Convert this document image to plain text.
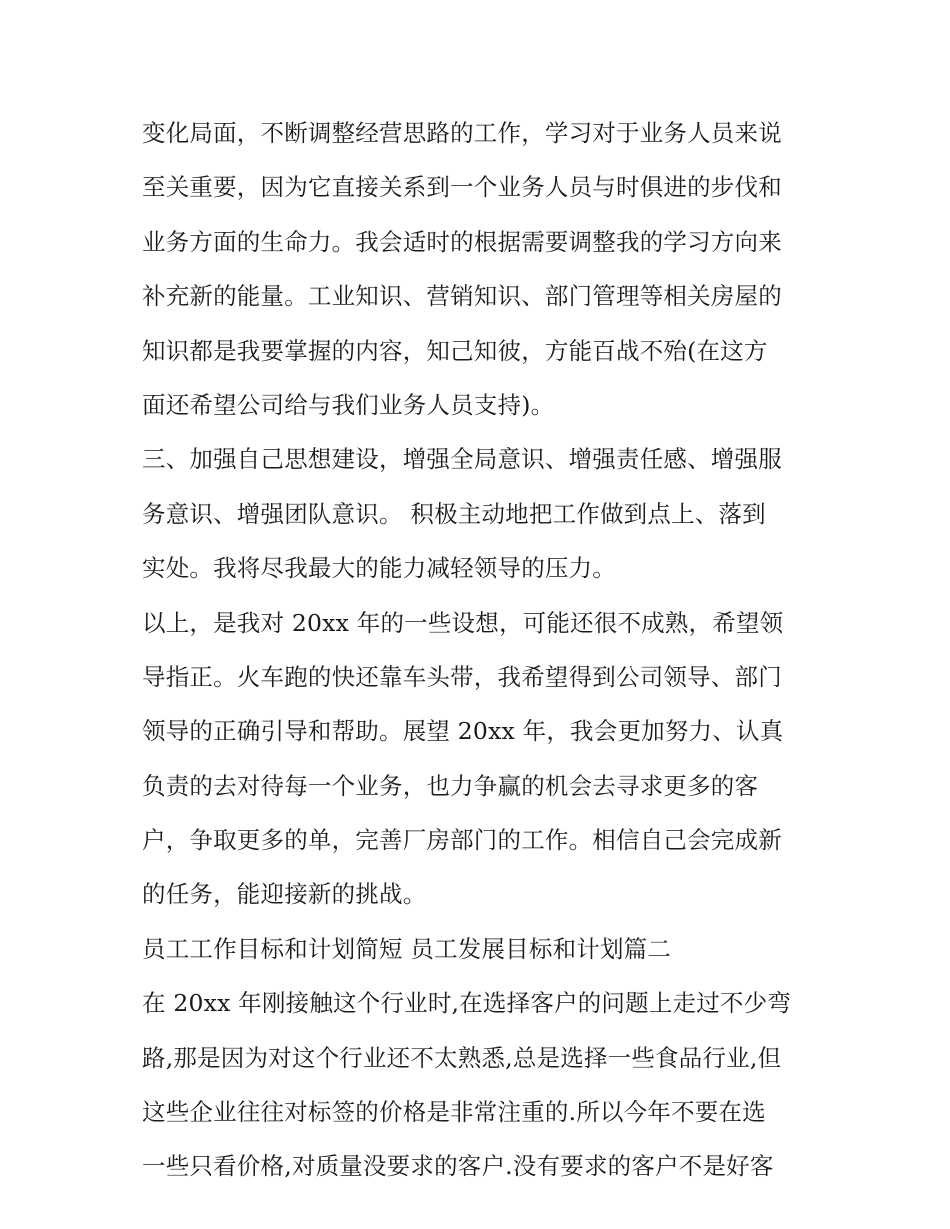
变化局面，不断调整经营思路的工作，学习对于业务人员来说
至关重要，因为它直接关系到一个业务人员与时俱进的步伐和
业务方面的生命力。我会适时的根据需要调整我的学习方向来
补充新的能量。工业知识、营销知识、部门管理等相关房屋的
知识都是我要掌握的内容，知己知彼，方能百战不殆(在这方
面还希望公司给与我们业务人员支持)。
三、加强自己思想建设，增强全局意识、增强责任感、增强服
务意识、增强团队意识。 积极主动地把工作做到点上、落到
实处。我将尽我最大的能力减轻领导的压力。
以上，是我对 20xx 年的一些设想，可能还很不成熟，希望领
导指正。火车跑的快还靠车头带，我希望得到公司领导、部门
领导的正确引导和帮助。展望 20xx 年，我会更加努力、认真
负责的去对待每一个业务，也力争赢的机会去寻求更多的客
户，争取更多的单，完善厂房部门的工作。相信自己会完成新
的任务，能迎接新的挑战。
员工工作目标和计划简短 员工发展目标和计划篇二
在 20xx 年刚接触这个行业时,在选择客户的问题上走过不少弯
路,那是因为对这个行业还不太熟悉,总是选择一些食品行业,但
这些企业往往对标签的价格是非常注重的.所以今年不要在选
一些只看价格,对质量没要求的客户.没有要求的客户不是好客
